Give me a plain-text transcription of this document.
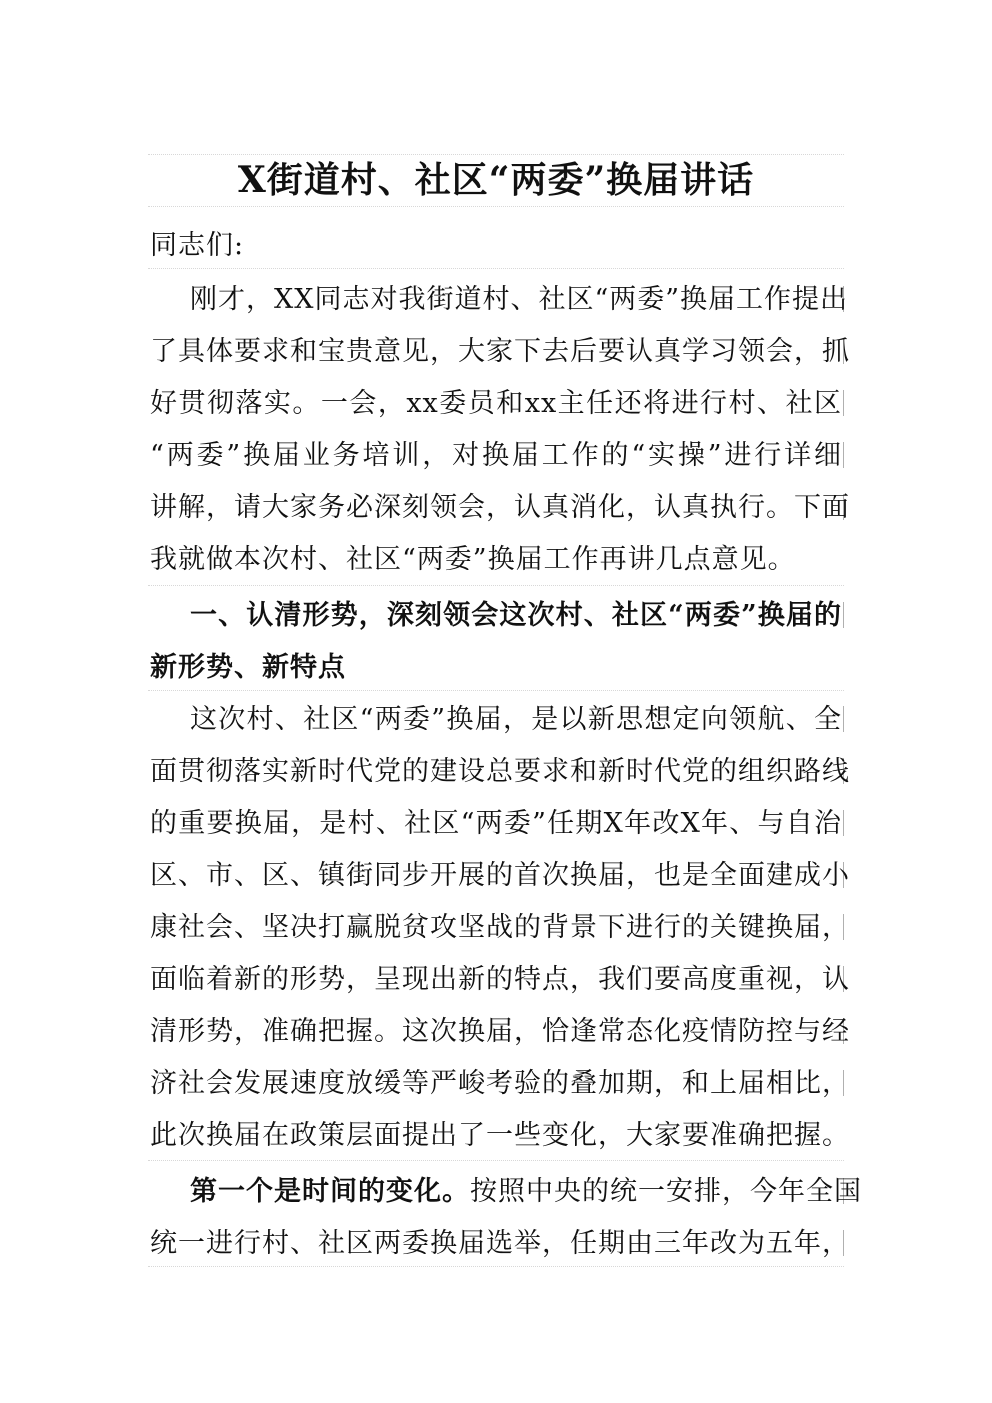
X街道村、社区“两委”换届讲话
同志们:
刚才，XX同志对我街道村、社区“两委”换届工作提出
了具体要求和宝贵意见，大家下去后要认真学习领会，抓
好贯彻落实。一会，xx委员和xx主任还将进行村、社区
“两委”换届业务培训，对换届工作的“实操”进行详细
讲解，请大家务必深刻领会，认真消化，认真执行。下面
我就做本次村、社区“两委”换届工作再讲几点意见。
一、认清形势，深刻领会这次村、社区“两委”换届的
新形势、新特点
这次村、社区“两委”换届，是以新思想定向领航、全
面贯彻落实新时代党的建设总要求和新时代党的组织路线
的重要换届，是村、社区“两委”任期X年改X年、与自治
区、市、区、镇街同步开展的首次换届，也是全面建成小
康社会、坚决打赢脱贫攻坚战的背景下进行的关键换届，
面临着新的形势，呈现出新的特点，我们要高度重视，认
清形势，准确把握。这次换届，恰逢常态化疫情防控与经
济社会发展速度放缓等严峻考验的叠加期，和上届相比，
此次换届在政策层面提出了一些变化，大家要准确把握。
第一个是时间的变化。按照中央的统一安排，今年全国
统一进行村、社区两委换届选举，任期由三年改为五年，
